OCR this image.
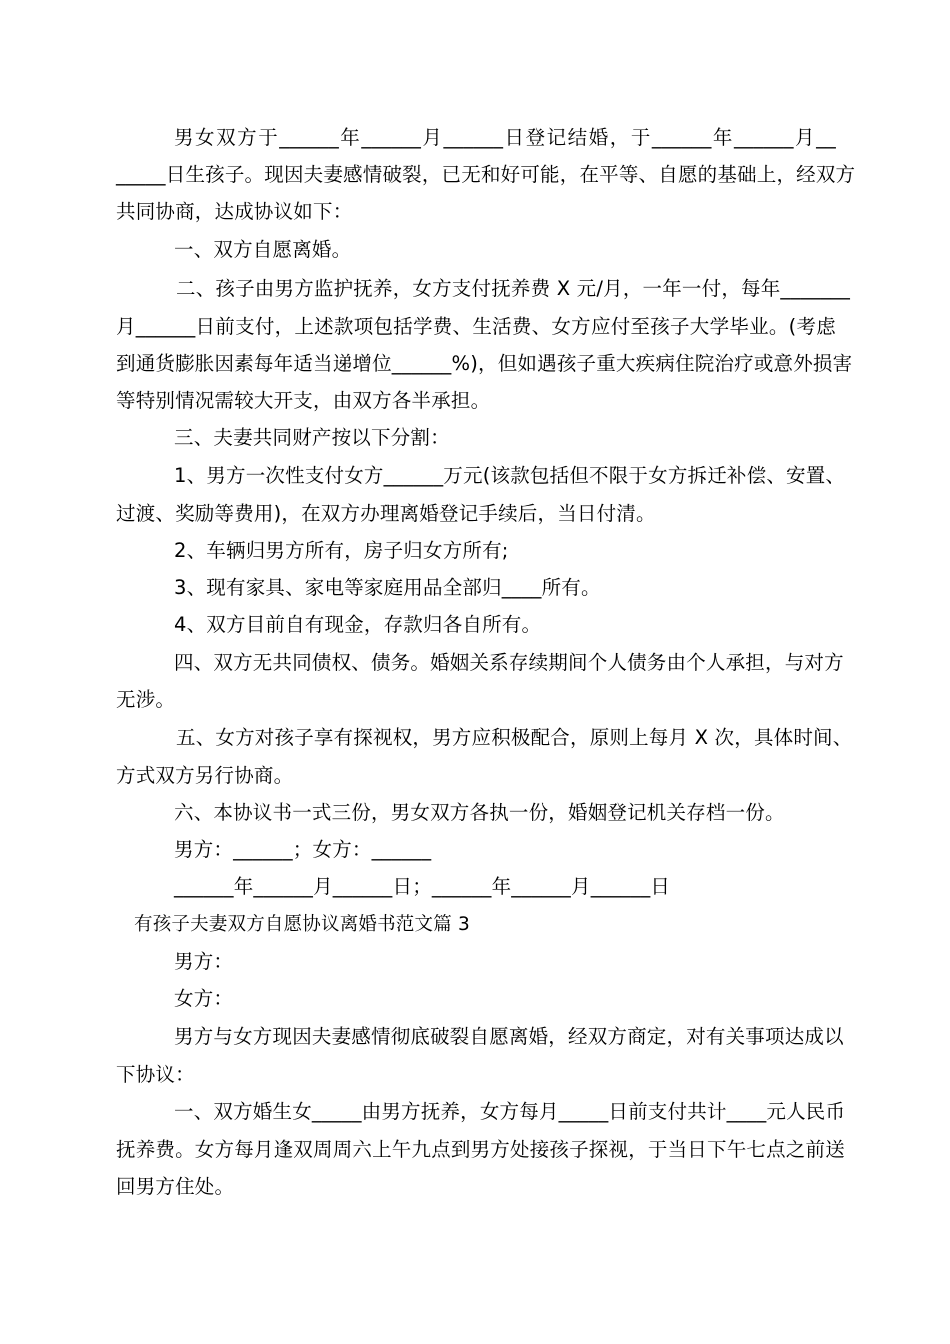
男女双方于______年______月______日登记结婚，于______年______月__
_____日生孩子。现因夫妻感情破裂，已无和好可能，在平等、自愿的基础上，经双方
共同协商，达成协议如下：
一、双方自愿离婚。
二、孩子由男方监护抚养，女方支付抚养费 X 元/月，一年一付，每年_______
月______日前支付，上述款项包括学费、生活费、女方应付至孩子大学毕业。(考虑
到通货膨胀因素每年适当递增位______%)，但如遇孩子重大疾病住院治疗或意外损害
等特别情况需较大开支，由双方各半承担。
三、夫妻共同财产按以下分割：
1、男方一次性支付女方______万元(该款包括但不限于女方拆迁补偿、安置、
过渡、奖励等费用)，在双方办理离婚登记手续后，当日付清。
2、车辆归男方所有，房子归女方所有;
3、现有家具、家电等家庭用品全部归____所有。
4、双方目前自有现金，存款归各自所有。
四、双方无共同债权、债务。婚姻关系存续期间个人债务由个人承担，与对方
无涉。
五、女方对孩子享有探视权，男方应积极配合，原则上每月 X 次，具体时间、
方式双方另行协商。
六、本协议书一式三份，男女双方各执一份，婚姻登记机关存档一份。
男方：______；女方：______
______年______月______日；______年______月______日
有孩子夫妻双方自愿协议离婚书范文篇 3
男方：
女方：
男方与女方现因夫妻感情彻底破裂自愿离婚，经双方商定，对有关事项达成以
下协议：
一、双方婚生女_____由男方抚养，女方每月_____日前支付共计____元人民币
抚养费。女方每月逢双周周六上午九点到男方处接孩子探视，于当日下午七点之前送
回男方住处。
